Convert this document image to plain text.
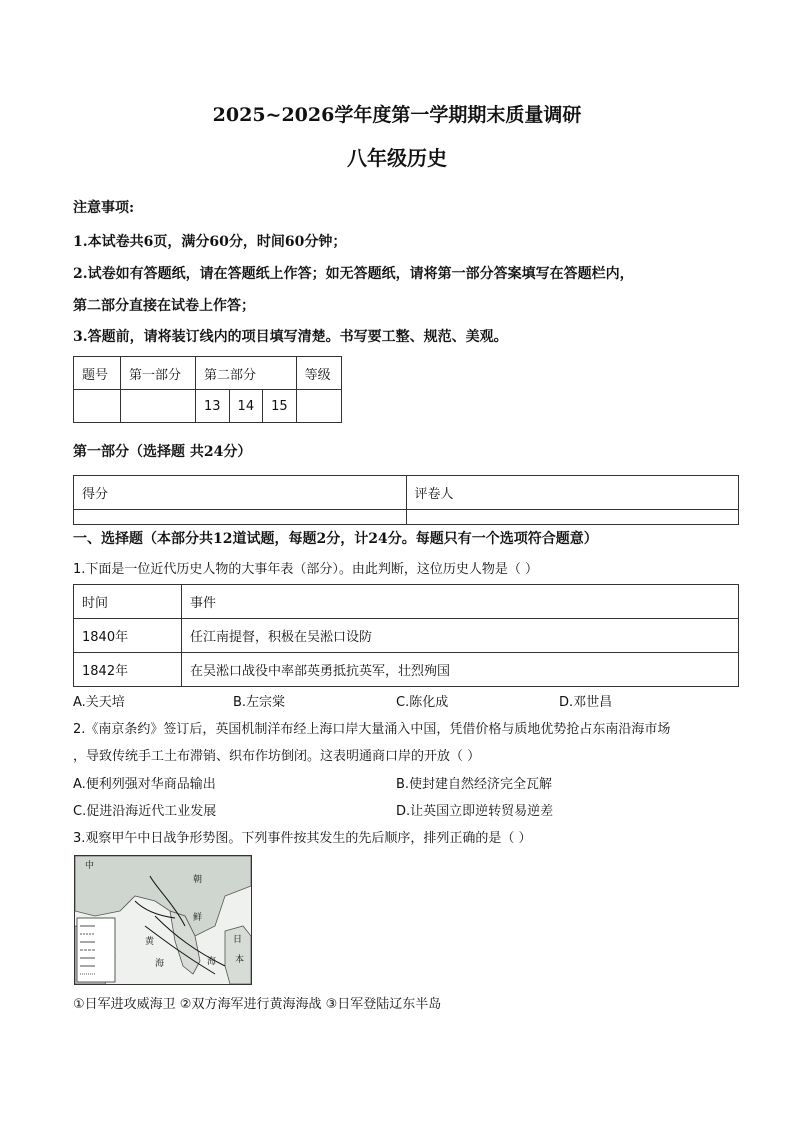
2025~2026学年度第一学期期末质量调研
八年级历史
注意事项:
1.本试卷共6页，满分60分，时间60分钟；
2.试卷如有答题纸，请在答题纸上作答；如无答题纸，请将第一部分答案填写在答题栏内，
第二部分直接在试卷上作答；
3.答题前，请将装订线内的项目填写清楚。书写要工整、规范、美观。
题号	第一部分	第二部分			等级
		13	14	15	
第一部分（选择题 共24分）
得分	评卷人

一、选择题（本部分共12道试题，每题2分，计24分。每题只有一个选项符合题意）
1.下面是一位近代历史人物的大事年表（部分）。由此判断，这位历史人物是（ ）
时间	事件
1840年	任江南提督，积极在吴淞口设防
1842年	在吴淞口战役中率部英勇抵抗英军，壮烈殉国
A.关天培	B.左宗棠	C.陈化成	D.邓世昌
2.《南京条约》签订后，英国机制洋布经上海口岸大量涌入中国，凭借价格与质地优势抢占东南沿海市场
，导致传统手工土布滞销、织布作坊倒闭。这表明通商口岸的开放（ ）
A.便利列强对华商品输出	B.使封建自然经济完全瓦解
C.促进沿海近代工业发展	D.让英国立即逆转贸易逆差
3.观察甲午中日战争形势图。下列事件按其发生的先后顺序，排列正确的是（ ）
中
朝
鲜
日
本
海
黄
海
①日军进攻威海卫 ②双方海军进行黄海海战 ③日军登陆辽东半岛
